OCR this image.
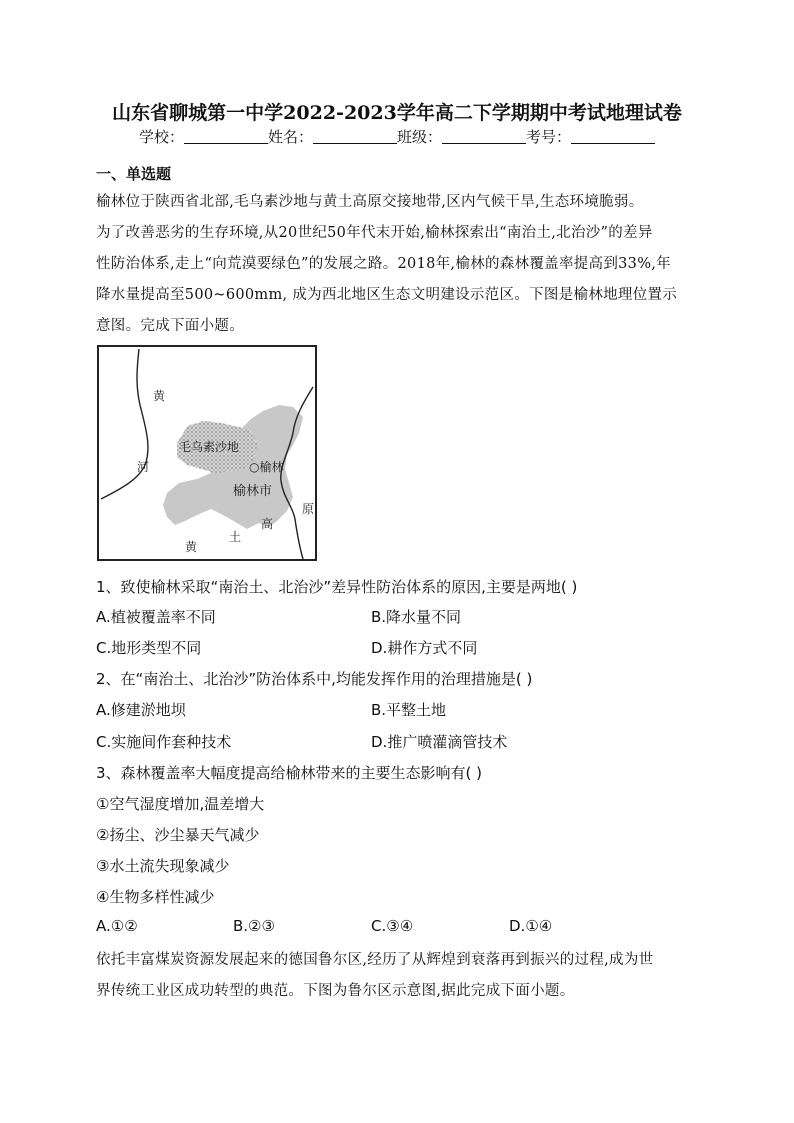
山东省聊城第一中学2022-2023学年高二下学期期中考试地理试卷
学校：	姓名：	班级：	考号：
一、单选题
榆林位于陕西省北部,毛乌素沙地与黄土高原交接地带,区内气候干旱,生态环境脆弱。
为了改善恶劣的生存环境,从20世纪50年代末开始,榆林探索出“南治土,北治沙”的差异
性防治体系,走上“向荒漠要绿色”的发展之路。2018年,榆林的森林覆盖率提高到33%,年
降水量提高至500~600mm, 成为西北地区生态文明建设示范区。下图是榆林地理位置示
意图。完成下面小题。
黄
河
毛乌素沙地
○榆林
榆林市
原
高
土
黄
1、致使榆林采取“南治土、北治沙”差异性防治体系的原因,主要是两地( )
A.植被覆盖率不同	B.降水量不同
C.地形类型不同	D.耕作方式不同
2、在“南治土、北治沙”防治体系中,均能发挥作用的治理措施是( )
A.修建淤地坝	B.平整土地
C.实施间作套种技术	D.推广喷灌滴管技术
3、森林覆盖率大幅度提高给榆林带来的主要生态影响有( )
①空气湿度增加,温差增大
②扬尘、沙尘暴天气减少
③水土流失现象减少
④生物多样性减少
A.①②	B.②③	C.③④	D.①④
依托丰富煤炭资源发展起来的德国鲁尔区,经历了从辉煌到衰落再到振兴的过程,成为世
界传统工业区成功转型的典范。下图为鲁尔区示意图,据此完成下面小题。
